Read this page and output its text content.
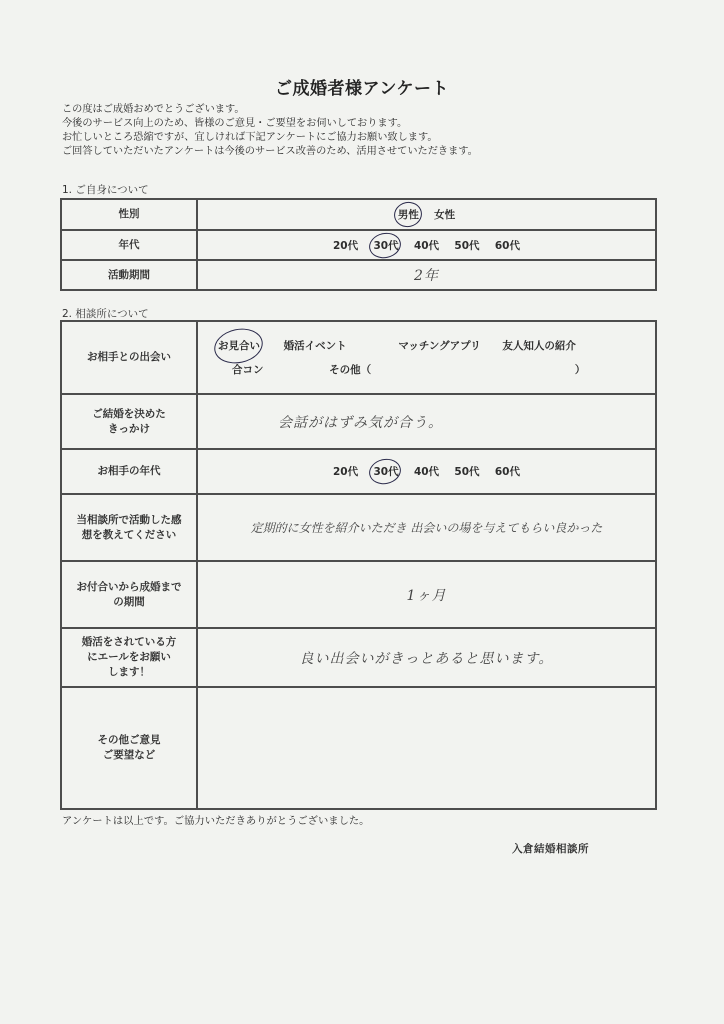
ご成婚者様アンケート
この度はご成婚おめでとうございます。
今後のサービス向上のため、皆様のご意見・ご要望をお伺いしております。
お忙しいところ恐縮ですが、宜しければ下記アンケートにご協力お願い致します。
ご回答していただいたアンケートは今後のサービス改善のため、活用させていただきます。
1. ご自身について
性別	男性 女性
年代	20代 30代 40代 50代 60代
活動期間	2年
2. 相談所について
お相手との出会い	お見合い 婚活イベント マッチングアプリ 友人知人の紹介
合コン その他（ ）

ご結婚を決めた
きっかけ	会話がはずみ気が合う。
お相手の年代	20代 30代 40代 50代 60代

当相談所で活動した感
想を教えてください	定期的に女性を紹介いただき 出会いの場を与えてもらい良かった

お付合いから成婚まで
の期間	1ヶ月

婚活をされている方
にエールをお願い
します！	良い出会いがきっとあると思います。

その他ご意見
ご要望など	

アンケートは以上です。ご協力いただきありがとうございました。
入倉結婚相談所
